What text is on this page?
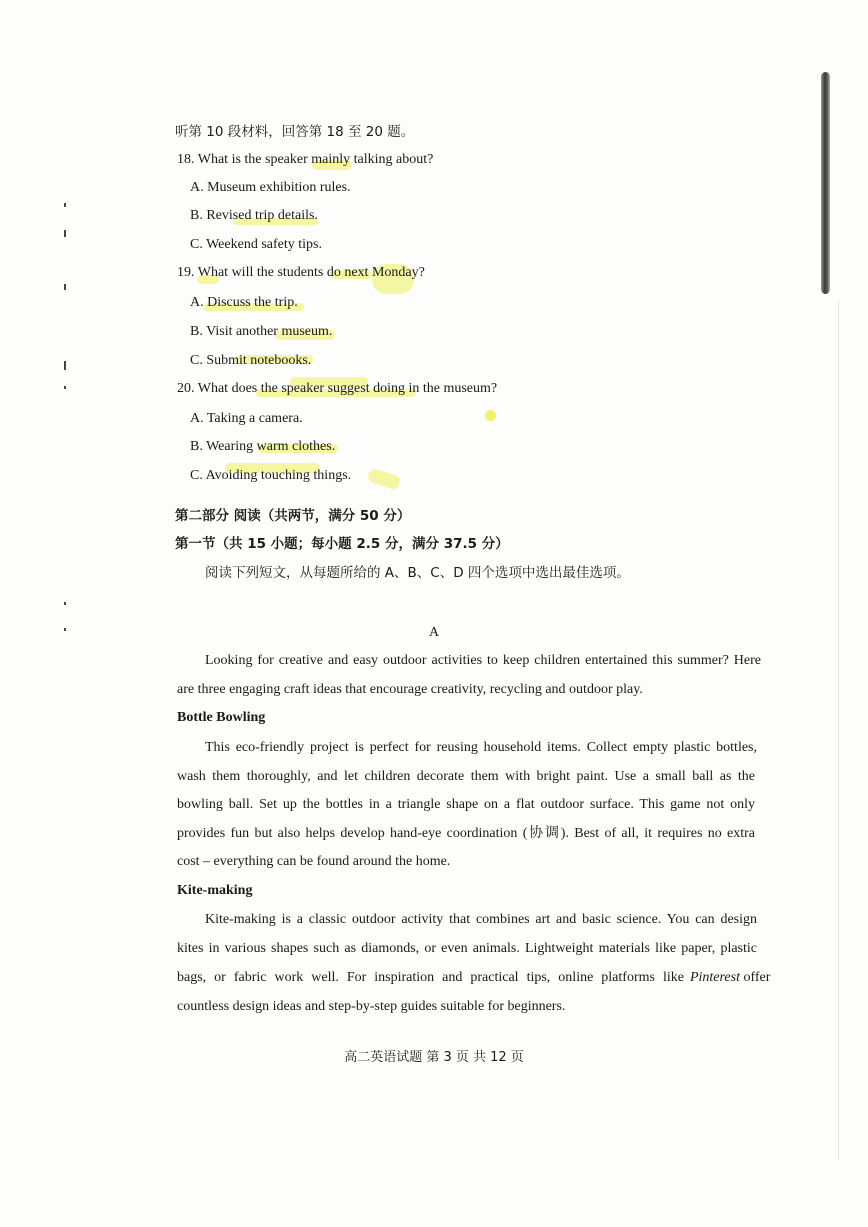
听第 10 段材料，回答第 18 至 20 题。
18. What is the speaker mainly talking about?
A. Museum exhibition rules.
B. Revised trip details.
C. Weekend safety tips.
19. What will the students do next Monday?
A. Discuss the trip.
B. Visit another museum.
C. Submit notebooks.
20. What does the speaker suggest doing in the museum?
A. Taking a camera.
B. Wearing warm clothes.
C. Avoiding touching things.
第二部分 阅读（共两节，满分 50 分）
第一节（共 15 小题；每小题 2.5 分，满分 37.5 分）
阅读下列短文，从每题所给的 A、B、C、D 四个选项中选出最佳选项。
A
Looking for creative and easy outdoor activities to keep children entertained this summer? Here
are three engaging craft ideas that encourage creativity, recycling and outdoor play.
Bottle Bowling
This eco-friendly project is perfect for reusing household items. Collect empty plastic bottles,
wash them thoroughly, and let children decorate them with bright paint. Use a small ball as the
bowling ball. Set up the bottles in a triangle shape on a flat outdoor surface. This game not only
provides fun but also helps develop hand-eye coordination (协调). Best of all, it requires no extra
cost – everything can be found around the home.
Kite-making
Kite-making is a classic outdoor activity that combines art and basic science. You can design
kites in various shapes such as diamonds, or even animals. Lightweight materials like paper, plastic
bags, or fabric work well. For inspiration and practical tips, online platforms like Pinterest offer
countless design ideas and step-by-step guides suitable for beginners.
高二英语试题 第 3 页 共 12 页
